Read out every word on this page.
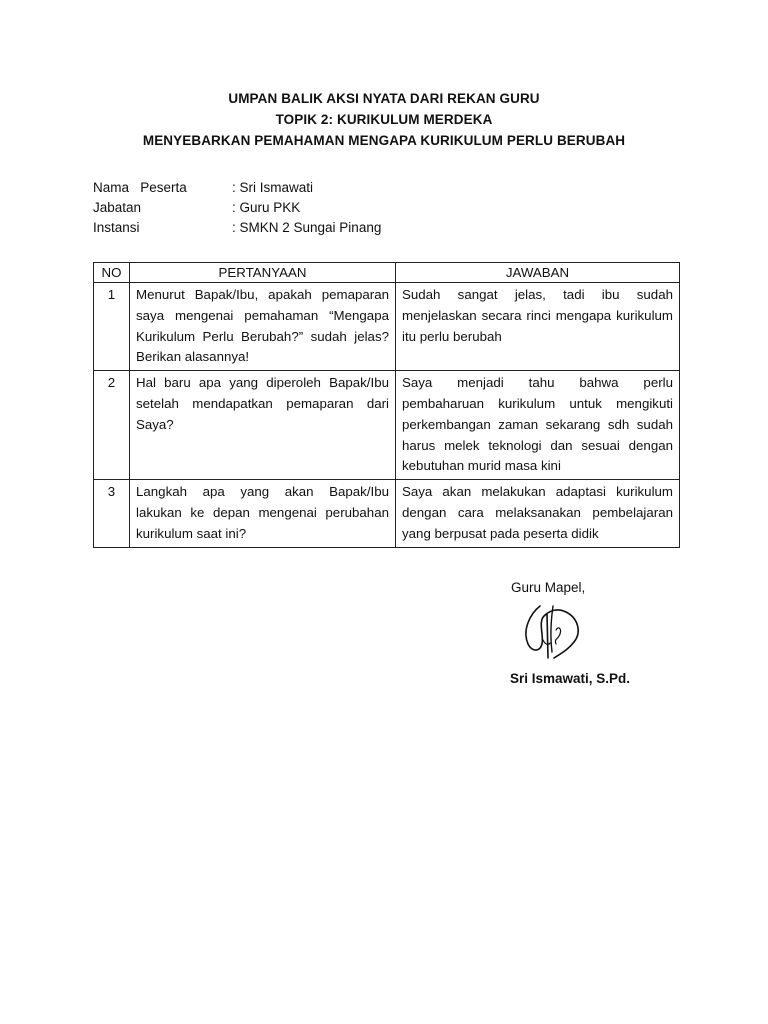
UMPAN BALIK AKSI NYATA DARI REKAN GURU
TOPIK 2: KURIKULUM MERDEKA
MENYEBARKAN PEMAHAMAN MENGAPA KURIKULUM PERLU BERUBAH
Nama   Peserta	: Sri Ismawati
Jabatan	: Guru PKK
Instansi	: SMKN 2 Sungai Pinang
NO	PERTANYAAN	JAWABAN
1	Menurut Bapak/Ibu, apakah pemaparan saya mengenai pemahaman “Mengapa Kurikulum Perlu Berubah?” sudah jelas? Berikan alasannya!	Sudah sangat jelas, tadi ibu sudah menjelaskan secara rinci mengapa kurikulum itu perlu berubah
2	Hal baru apa yang diperoleh Bapak/Ibu setelah mendapatkan pemaparan dari Saya?	Saya menjadi tahu bahwa perlu pembaharuan kurikulum untuk mengikuti perkembangan zaman sekarang sdh sudah harus melek teknologi dan sesuai dengan kebutuhan murid masa kini
3	Langkah apa yang akan Bapak/Ibu lakukan ke depan mengenai perubahan kurikulum saat ini?	Saya akan melakukan adaptasi kurikulum dengan cara melaksanakan pembelajaran yang berpusat pada peserta didik
Guru Mapel,
Sri Ismawati, S.Pd.
